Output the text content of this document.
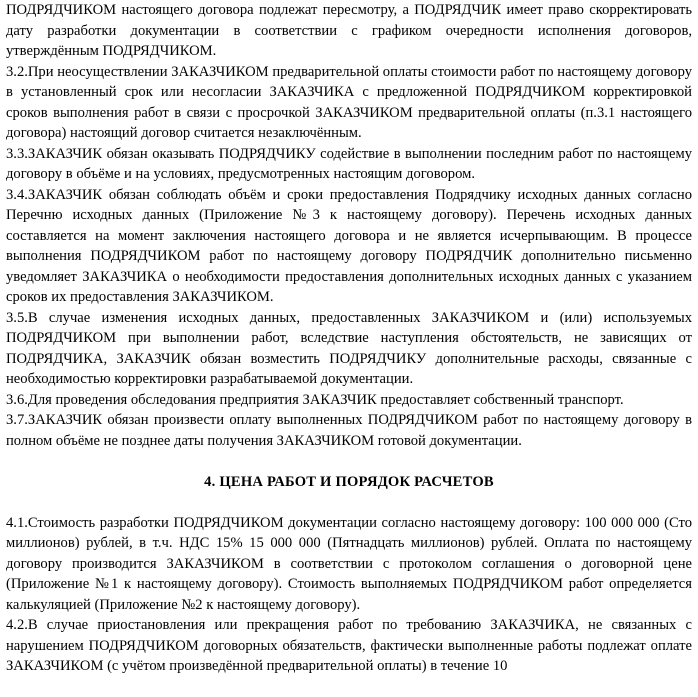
ПОДРЯДЧИКОМ настоящего договора подлежат пересмотру, а ПОДРЯДЧИК имеет право скорректировать дату разработки документации в соответствии с графиком очередности исполнения договоров, утверждённым ПОДРЯДЧИКОМ.

3.2.При неосуществлении ЗАКАЗЧИКОМ предварительной оплаты стоимости работ по настоящему договору в установленный срок или несогласии ЗАКАЗЧИКА с предложенной ПОДРЯДЧИКОМ корректировкой сроков выполнения работ в связи с просрочкой ЗАКАЗЧИКОМ предварительной оплаты (п.3.1 настоящего договора) настоящий договор считается незаключённым.

3.3.ЗАКАЗЧИК обязан оказывать ПОДРЯДЧИКУ содействие в выполнении последним работ по настоящему договору в объёме и на условиях, предусмотренных настоящим договором.

3.4.ЗАКАЗЧИК обязан соблюдать объём и сроки предоставления Подрядчику исходных данных согласно Перечню исходных данных (Приложение №3 к настоящему договору). Перечень исходных данных составляется на момент заключения настоящего договора и не является исчерпывающим. В процессе выполнения ПОДРЯДЧИКОМ работ по настоящему договору ПОДРЯДЧИК дополнительно письменно уведомляет ЗАКАЗЧИКА о необходимости предоставления дополнительных исходных данных с указанием сроков их предоставления ЗАКАЗЧИКОМ.

3.5.В случае изменения исходных данных, предоставленных ЗАКАЗЧИКОМ и (или) используемых ПОДРЯДЧИКОМ при выполнении работ, вследствие наступления обстоятельств, не зависящих от ПОДРЯДЧИКА, ЗАКАЗЧИК обязан возместить ПОДРЯДЧИКУ дополнительные расходы, связанные с необходимостью корректировки разрабатываемой документации.

3.6.Для проведения обследования предприятия ЗАКАЗЧИК предоставляет собственный транспорт.

3.7.ЗАКАЗЧИК обязан произвести оплату выполненных ПОДРЯДЧИКОМ работ по настоящему договору в полном объёме не позднее даты получения ЗАКАЗЧИКОМ готовой документации.

4. ЦЕНА РАБОТ И ПОРЯДОК РАСЧЕТОВ

4.1.Стоимость разработки ПОДРЯДЧИКОМ документации согласно настоящему договору: 100 000 000 (Сто миллионов) рублей, в т.ч. НДС 15% 15 000 000 (Пятнадцать миллионов) рублей. Оплата по настоящему договору производится ЗАКАЗЧИКОМ в соответствии с протоколом соглашения о договорной цене (Приложение №1 к настоящему договору). Стоимость выполняемых ПОДРЯДЧИКОМ работ определяется калькуляцией (Приложение №2 к настоящему договору).

4.2.В случае приостановления или прекращения работ по требованию ЗАКАЗЧИКА, не связанных с нарушением ПОДРЯДЧИКОМ договорных обязательств, фактически выполненные работы подлежат оплате ЗАКАЗЧИКОМ (с учётом произведённой предварительной оплаты) в течение 10
